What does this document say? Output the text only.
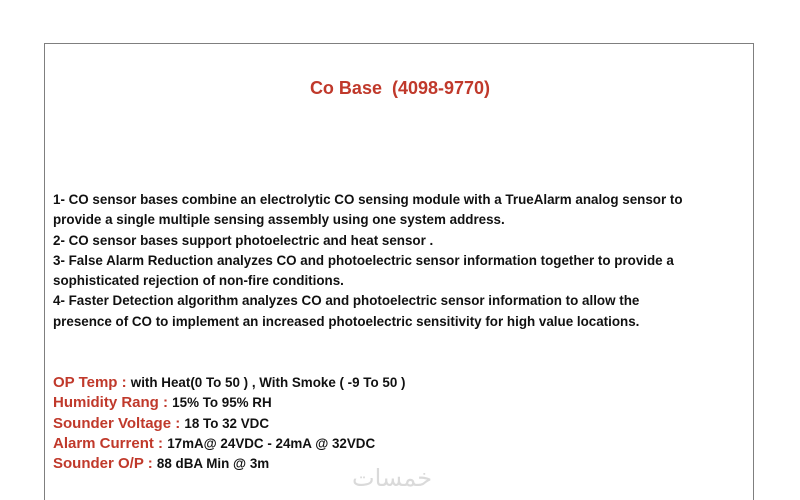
Co Base  (4098-9770)

1- CO sensor bases combine an electrolytic CO sensing module with a TrueAlarm analog sensor to

provide a single multiple sensing assembly using one system address.

2- CO sensor bases support photoelectric and heat sensor .

3- False Alarm Reduction analyzes CO and photoelectric sensor information together to provide a

sophisticated rejection of non-fire conditions.

4- Faster Detection algorithm analyzes CO and photoelectric sensor information to allow the

presence of CO to implement an increased photoelectric sensitivity for high value locations.

OP Temp : with Heat(0 To 50 ) , With Smoke ( -9 To 50 )

Humidity Rang : 15% To 95% RH

Sounder Voltage : 18 To 32 VDC

Alarm Current : 17mA@ 24VDC - 24mA @ 32VDC

Sounder O/P : 88 dBA Min @ 3m

خمسات
